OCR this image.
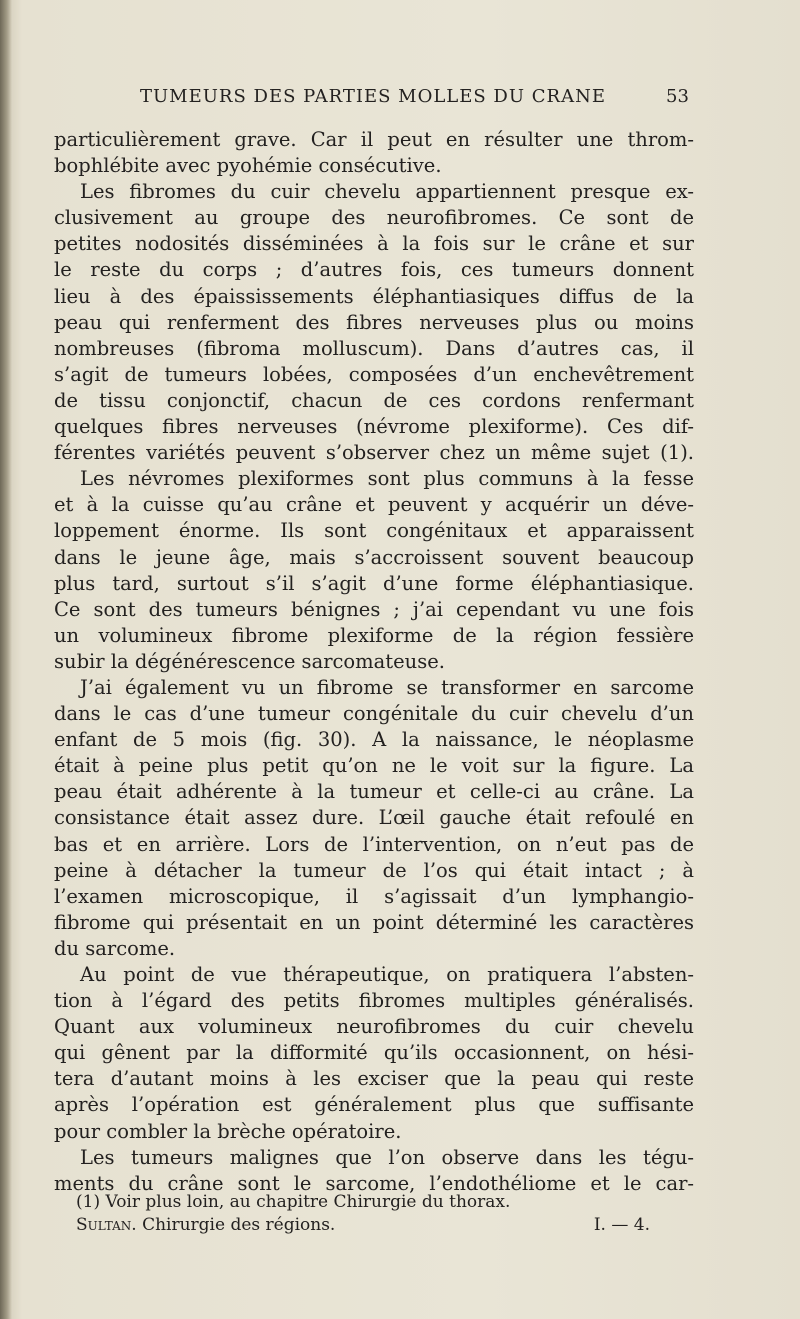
TUMEURS DES PARTIES MOLLES DU CRANE	53

particulièrement grave. Car il peut en résulter une throm-

bophlébite avec pyohémie consécutive.

Les fibromes du cuir chevelu appartiennent presque ex-

clusivement au groupe des neurofibromes. Ce sont de

petites nodosités disséminées à la fois sur le crâne et sur

le reste du corps ; d’autres fois, ces tumeurs donnent

lieu à des épaississements éléphantiasiques diffus de la

peau qui renferment des fibres nerveuses plus ou moins

nombreuses (fibroma molluscum). Dans d’autres cas, il

s’agit de tumeurs lobées, composées d’un enchevêtrement

de tissu conjonctif, chacun de ces cordons renfermant

quelques fibres nerveuses (névrome plexiforme). Ces dif-

férentes variétés peuvent s’observer chez un même sujet (1).

Les névromes plexiformes sont plus communs à la fesse

et à la cuisse qu’au crâne et peuvent y acquérir un déve-

loppement énorme. Ils sont congénitaux et apparaissent

dans le jeune âge, mais s’accroissent souvent beaucoup

plus tard, surtout s’il s’agit d’une forme éléphantiasique.

Ce sont des tumeurs bénignes ; j’ai cependant vu une fois

un volumineux fibrome plexiforme de la région fessière

subir la dégénérescence sarcomateuse.

J’ai également vu un fibrome se transformer en sarcome

dans le cas d’une tumeur congénitale du cuir chevelu d’un

enfant de 5 mois (fig. 30). A la naissance, le néoplasme

était à peine plus petit qu’on ne le voit sur la figure. La

peau était adhérente à la tumeur et celle-ci au crâne. La

consistance était assez dure. L’œil gauche était refoulé en

bas et en arrière. Lors de l’intervention, on n’eut pas de

peine à détacher la tumeur de l’os qui était intact ; à

l’examen microscopique, il s’agissait d’un lymphangio-

fibrome qui présentait en un point déterminé les caractères

du sarcome.

Au point de vue thérapeutique, on pratiquera l’absten-

tion à l’égard des petits fibromes multiples généralisés.

Quant aux volumineux neurofibromes du cuir chevelu

qui gênent par la difformité qu’ils occasionnent, on hési-

tera d’autant moins à les exciser que la peau qui reste

après l’opération est généralement plus que suffisante

pour combler la brèche opératoire.

Les tumeurs malignes que l’on observe dans les tégu-

ments du crâne sont le sarcome, l’endothéliome et le car-

(1) Voir plus loin, au chapitre Chirurgie du thorax.

Sultan. Chirurgie des régions.	I. — 4.
